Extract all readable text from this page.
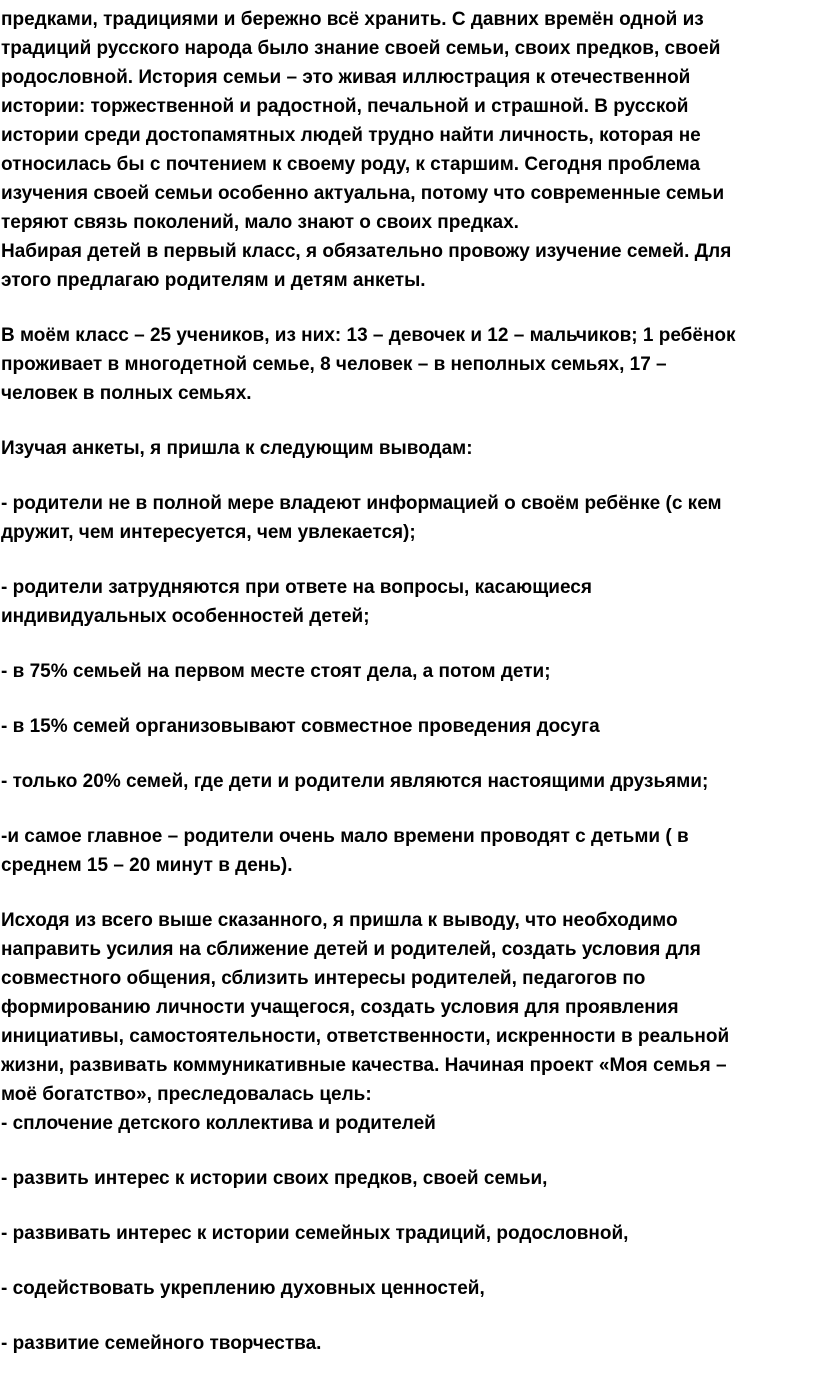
предками, традициями и бережно всё хранить. С давних времён одной из

традиций русского народа было знание своей семьи, своих предков, своей

родословной. История семьи – это живая иллюстрация к отечественной

истории: торжественной и радостной, печальной и страшной. В русской

истории среди достопамятных людей трудно найти личность, которая не

относилась бы с почтением к своему роду, к старшим. Сегодня проблема

изучения своей семьи особенно актуальна, потому что современные семьи

теряют связь поколений, мало знают о своих предках.

Набирая детей в первый класс, я обязательно провожу изучение семей. Для

этого предлагаю родителям и детям анкеты.

В моём класс – 25 учеников, из них: 13 – девочек и 12 – мальчиков; 1 ребёнок

проживает в многодетной семье, 8 человек – в неполных семьях, 17 –

человек в полных семьях.

Изучая анкеты, я пришла к следующим выводам:

- родители не в полной мере владеют информацией о своём ребёнке (с кем

дружит, чем интересуется, чем увлекается);

- родители затрудняются при ответе на вопросы, касающиеся

индивидуальных особенностей детей;

- в 75% семьей на первом месте стоят дела, а потом дети;

- в 15% семей организовывают совместное проведения досуга

- только 20% семей, где дети и родители являются настоящими друзьями;

-и самое главное – родители очень мало времени проводят с детьми ( в

среднем 15 – 20 минут в день).

Исходя из всего выше сказанного, я пришла к выводу, что необходимо

направить усилия на сближение детей и родителей, создать условия для

совместного общения, сблизить интересы родителей, педагогов по

формированию личности учащегося, создать условия для проявления

инициативы, самостоятельности, ответственности, искренности в реальной

жизни, развивать коммуникативные качества. Начиная проект «Моя семья –

моё богатство», преследовалась цель:

- сплочение детского коллектива и родителей

- развить интерес к истории своих предков, своей семьи,

- развивать интерес к истории семейных традиций, родословной,

- содействовать укреплению духовных ценностей,

- развитие семейного творчества.
